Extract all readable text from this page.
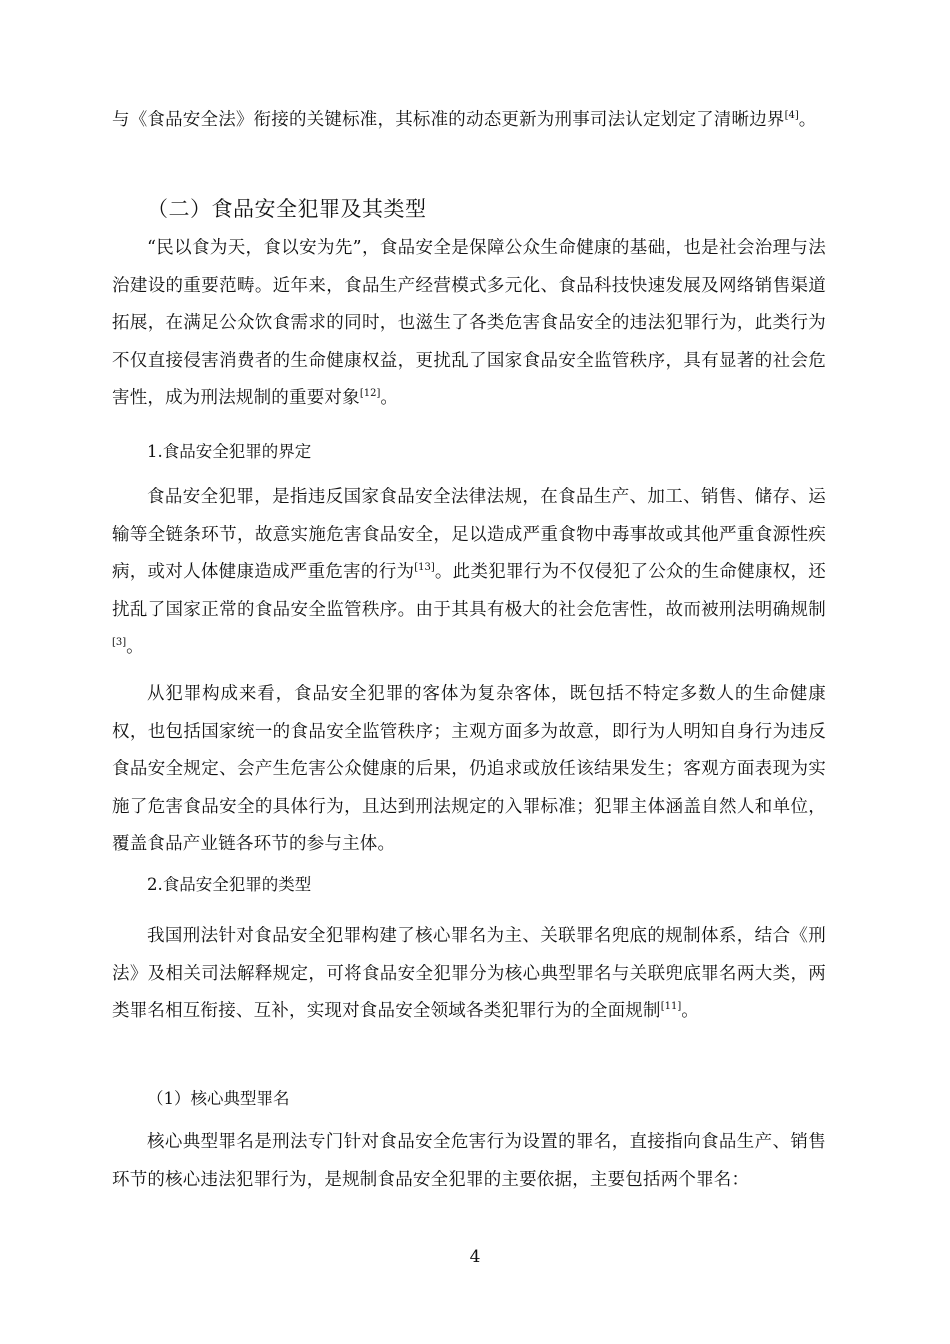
与《食品安全法》衔接的关键标准，其标准的动态更新为刑事司法认定划定了清晰边界[4]。

（二）食品安全犯罪及其类型

“民以食为天，食以安为先”，食品安全是保障公众生命健康的基础，也是社会治理与法治建设的重要范畴。近年来，食品生产经营模式多元化、食品科技快速发展及网络销售渠道拓展，在满足公众饮食需求的同时，也滋生了各类危害食品安全的违法犯罪行为，此类行为不仅直接侵害消费者的生命健康权益，更扰乱了国家食品安全监管秩序，具有显著的社会危害性，成为刑法规制的重要对象[12]。

1.食品安全犯罪的界定

食品安全犯罪，是指违反国家食品安全法律法规，在食品生产、加工、销售、储存、运输等全链条环节，故意实施危害食品安全，足以造成严重食物中毒事故或其他严重食源性疾病，或对人体健康造成严重危害的行为[13]。此类犯罪行为不仅侵犯了公众的生命健康权，还扰乱了国家正常的食品安全监管秩序。由于其具有极大的社会危害性，故而被刑法明确规制[3]。

从犯罪构成来看，食品安全犯罪的客体为复杂客体，既包括不特定多数人的生命健康权，也包括国家统一的食品安全监管秩序；主观方面多为故意，即行为人明知自身行为违反食品安全规定、会产生危害公众健康的后果，仍追求或放任该结果发生；客观方面表现为实施了危害食品安全的具体行为，且达到刑法规定的入罪标准；犯罪主体涵盖自然人和单位，覆盖食品产业链各环节的参与主体。

2.食品安全犯罪的类型

我国刑法针对食品安全犯罪构建了核心罪名为主、关联罪名兜底的规制体系，结合《刑法》及相关司法解释规定，可将食品安全犯罪分为核心典型罪名与关联兜底罪名两大类，两类罪名相互衔接、互补，实现对食品安全领域各类犯罪行为的全面规制[11]。

（1）核心典型罪名

核心典型罪名是刑法专门针对食品安全危害行为设置的罪名，直接指向食品生产、销售环节的核心违法犯罪行为，是规制食品安全犯罪的主要依据，主要包括两个罪名：

4
